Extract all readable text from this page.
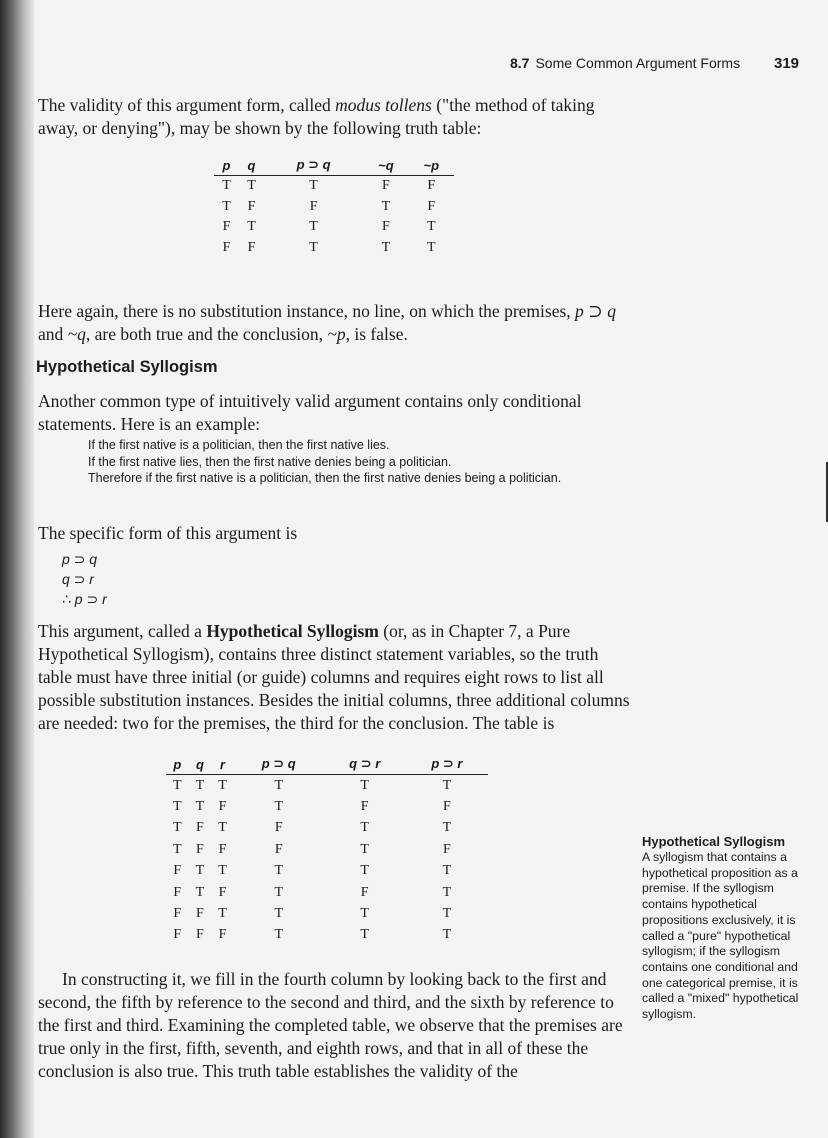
8.7 Some Common Argument Forms 319
The validity of this argument form, called modus tollens ("the method of taking away, or denying"), may be shown by the following truth table:
p	q	p ⊃ q	~q	~p
T	T	T	F	F
T	F	F	T	F
F	T	T	F	T
F	F	T	T	T
Here again, there is no substitution instance, no line, on which the premises, p ⊃ q and ~q, are both true and the conclusion, ~p, is false.
Hypothetical Syllogism
Another common type of intuitively valid argument contains only conditional statements. Here is an example:
If the first native is a politician, then the first native lies.
If the first native lies, then the first native denies being a politician.
Therefore if the first native is a politician, then the first native denies being a politician.
The specific form of this argument is
p ⊃ q
q ⊃ r
∴ p ⊃ r
This argument, called a Hypothetical Syllogism (or, as in Chapter 7, a Pure Hypothetical Syllogism), contains three distinct statement variables, so the truth table must have three initial (or guide) columns and requires eight rows to list all possible substitution instances. Besides the initial columns, three additional columns are needed: two for the premises, the third for the conclusion. The table is
p	q	r	p ⊃ q	q ⊃ r	p ⊃ r
T	T	T	T	T	T
T	T	F	T	F	F
T	F	T	F	T	T
T	F	F	F	T	F
F	T	T	T	T	T
F	T	F	T	F	T
F	F	T	T	T	T
F	F	F	T	T	T
In constructing it, we fill in the fourth column by looking back to the first and second, the fifth by reference to the second and third, and the sixth by reference to the first and third. Examining the completed table, we observe that the premises are true only in the first, fifth, seventh, and eighth rows, and that in all of these the conclusion is also true. This truth table establishes the validity of the
Hypothetical Syllogism
A syllogism that contains a hypothetical proposition as a premise. If the syllogism contains hypothetical propositions exclusively, it is called a "pure" hypothetical syllogism; if the syllogism contains one conditional and one categorical premise, it is called a "mixed" hypothetical syllogism.
